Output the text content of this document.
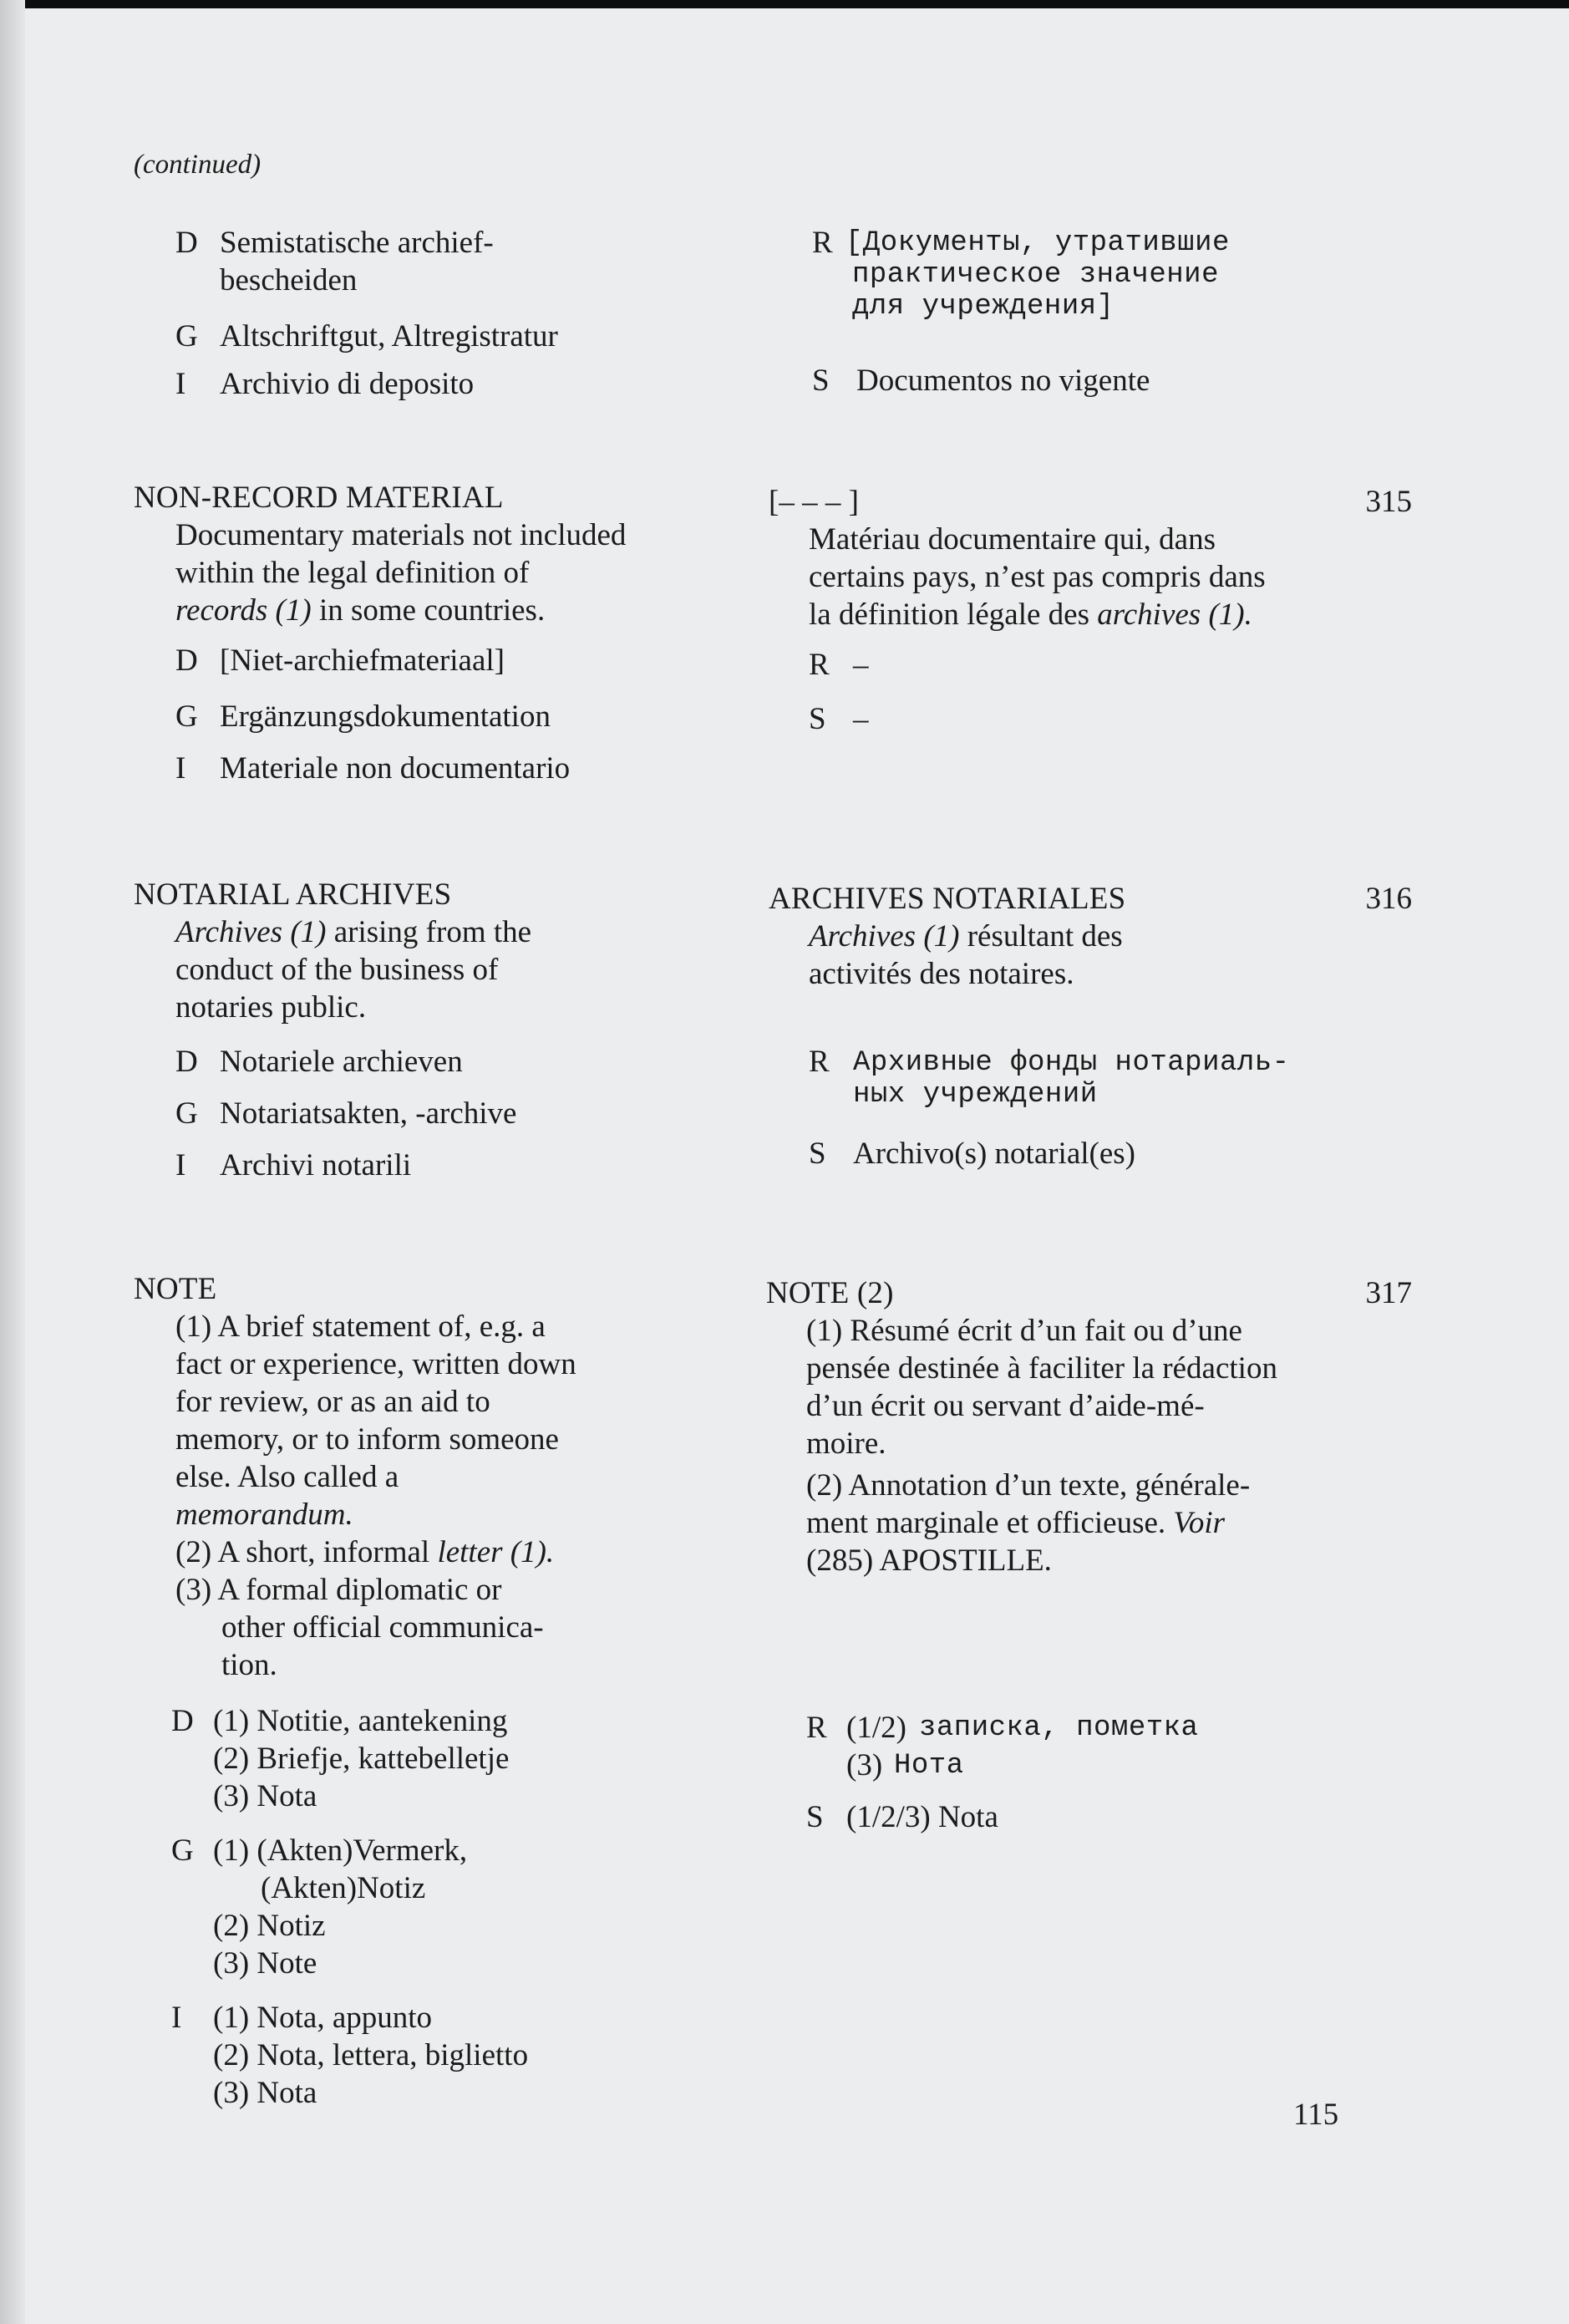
(continued)
D Semistatische archief-
bescheiden
G Altschriftgut, Altregistratur
I Archivio di deposito
R [Документы, утратившие
практическое значение
для учреждения]
S Documentos no vigente
NON-RECORD MATERIAL
Documentary materials not included
within the legal definition of
records (1) in some countries.
D [Niet-archiefmateriaal]
G Ergänzungsdokumentation
I Materiale non documentario
[– – – ]	315
Matériau documentaire qui, dans
certains pays, n’est pas compris dans
la définition légale des archives (1).
R –
S –
NOTARIAL ARCHIVES
Archives (1) arising from the
conduct of the business of
notaries public.
D Notariele archieven
G Notariatsakten, -archive
I Archivi notarili
ARCHIVES NOTARIALES	316
Archives (1) résultant des
activités des notaires.
R Архивные фонды нотариаль-
ных учреждений
S Archivo(s) notarial(es)
NOTE
(1) A brief statement of, e.g. a
fact or experience, written down
for review, or as an aid to
memory, or to inform someone
else. Also called a
memorandum.
(2) A short, informal letter (1).
(3) A formal diplomatic or
other official communica-
tion.
D (1) Notitie, aantekening
(2) Briefje, kattebelletje
(3) Nota
G (1) (Akten)Vermerk,
(Akten)Notiz
(2) Notiz
(3) Note
I (1) Nota, appunto
(2) Nota, lettera, biglietto
(3) Nota
NOTE (2)	317
(1) Résumé écrit d’un fait ou d’une
pensée destinée à faciliter la rédaction
d’un écrit ou servant d’aide-mé-
moire.
(2) Annotation d’un texte, générale-
ment marginale et officieuse. Voir
(285) APOSTILLE.
R (1/2) записка, пометка
(3) Нота
S (1/2/3) Nota
115
